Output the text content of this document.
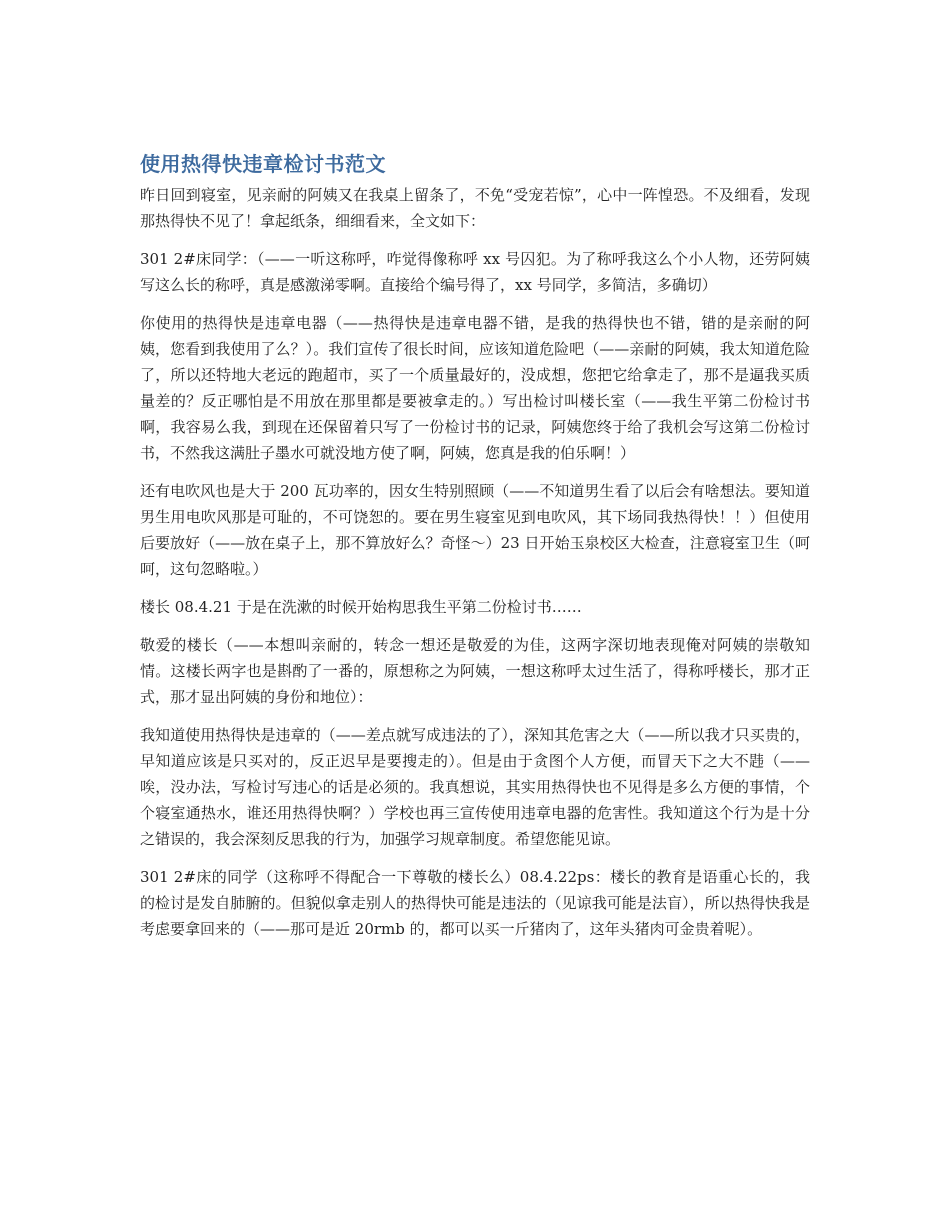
使用热得快违章检讨书范文

昨日回到寝室，见亲耐的阿姨又在我桌上留条了，不免“受宠若惊”，心中一阵惶恐。不及细看，发现那热得快不见了！拿起纸条，细细看来，全文如下：

301 2#床同学：（——一听这称呼，咋觉得像称呼 xx 号囚犯。为了称呼我这么个小人物，还劳阿姨写这么长的称呼，真是感激涕零啊。直接给个编号得了，xx 号同学，多简洁，多确切）

你使用的热得快是违章电器（——热得快是违章电器不错，是我的热得快也不错，错的是亲耐的阿姨，您看到我使用了么？）。我们宣传了很长时间，应该知道危险吧（——亲耐的阿姨，我太知道危险了，所以还特地大老远的跑超市，买了一个质量最好的，没成想，您把它给拿走了，那不是逼我买质量差的？反正哪怕是不用放在那里都是要被拿走的。）写出检讨叫楼长室（——我生平第二份检讨书啊，我容易么我，到现在还保留着只写了一份检讨书的记录，阿姨您终于给了我机会写这第二份检讨书，不然我这满肚子墨水可就没地方使了啊，阿姨，您真是我的伯乐啊！）

还有电吹风也是大于 200 瓦功率的，因女生特别照顾（——不知道男生看了以后会有啥想法。要知道男生用电吹风那是可耻的，不可饶恕的。要在男生寝室见到电吹风，其下场同我热得快！！）但使用后要放好（——放在桌子上，那不算放好么？奇怪～）23 日开始玉泉校区大检查，注意寝室卫生（呵呵，这句忽略啦。）

楼长 08.4.21 于是在洗漱的时候开始构思我生平第二份检讨书……

敬爱的楼长（——本想叫亲耐的，转念一想还是敬爱的为佳，这两字深切地表现俺对阿姨的崇敬知情。这楼长两字也是斟酌了一番的，原想称之为阿姨，一想这称呼太过生活了，得称呼楼长，那才正式，那才显出阿姨的身份和地位）：

我知道使用热得快是违章的（——差点就写成违法的了），深知其危害之大（——所以我才只买贵的，早知道应该是只买对的，反正迟早是要搜走的）。但是由于贪图个人方便，而冒天下之大不韪（——唉，没办法，写检讨写违心的话是必须的。我真想说，其实用热得快也不见得是多么方便的事情，个个寝室通热水，谁还用热得快啊？）学校也再三宣传使用违章电器的危害性。我知道这个行为是十分之错误的，我会深刻反思我的行为，加强学习规章制度。希望您能见谅。

301 2#床的同学（这称呼不得配合一下尊敬的楼长么）08.4.22ps：楼长的教育是语重心长的，我的检讨是发自肺腑的。但貌似拿走别人的热得快可能是违法的（见谅我可能是法盲），所以热得快我是考虑要拿回来的（——那可是近 20rmb 的，都可以买一斤猪肉了，这年头猪肉可金贵着呢）。
